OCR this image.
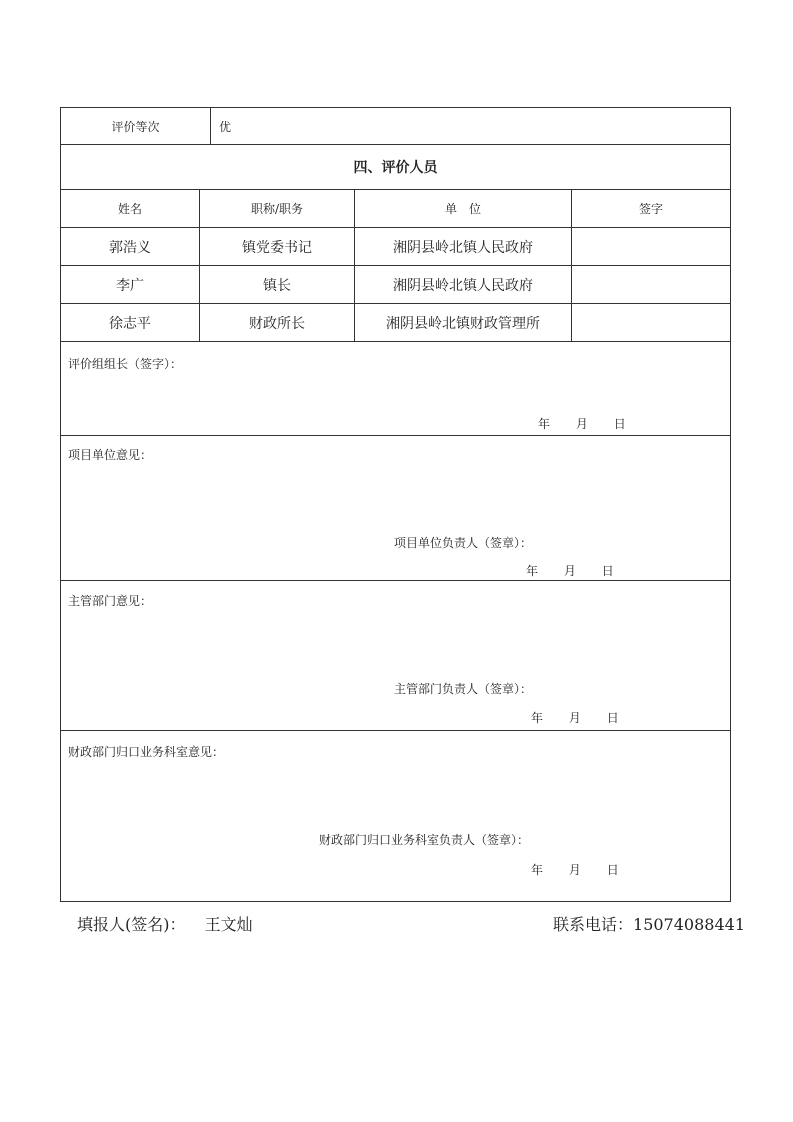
评价等次	优
四、评价人员
姓名	职称/职务	单　位	签字
郭浩义	镇党委书记	湘阴县岭北镇人民政府
李广	镇长	湘阴县岭北镇人民政府
徐志平	财政所长	湘阴县岭北镇财政管理所
评价组组长（签字）：
年 月 日
项目单位意见：
项目单位负责人（签章）：
年 月 日
主管部门意见：
主管部门负责人（签章）：
年 月 日
财政部门归口业务科室意见：
财政部门归口业务科室负责人（签章）：
年 月 日
填报人(签名)： 王文灿	联系电话：15074088441
